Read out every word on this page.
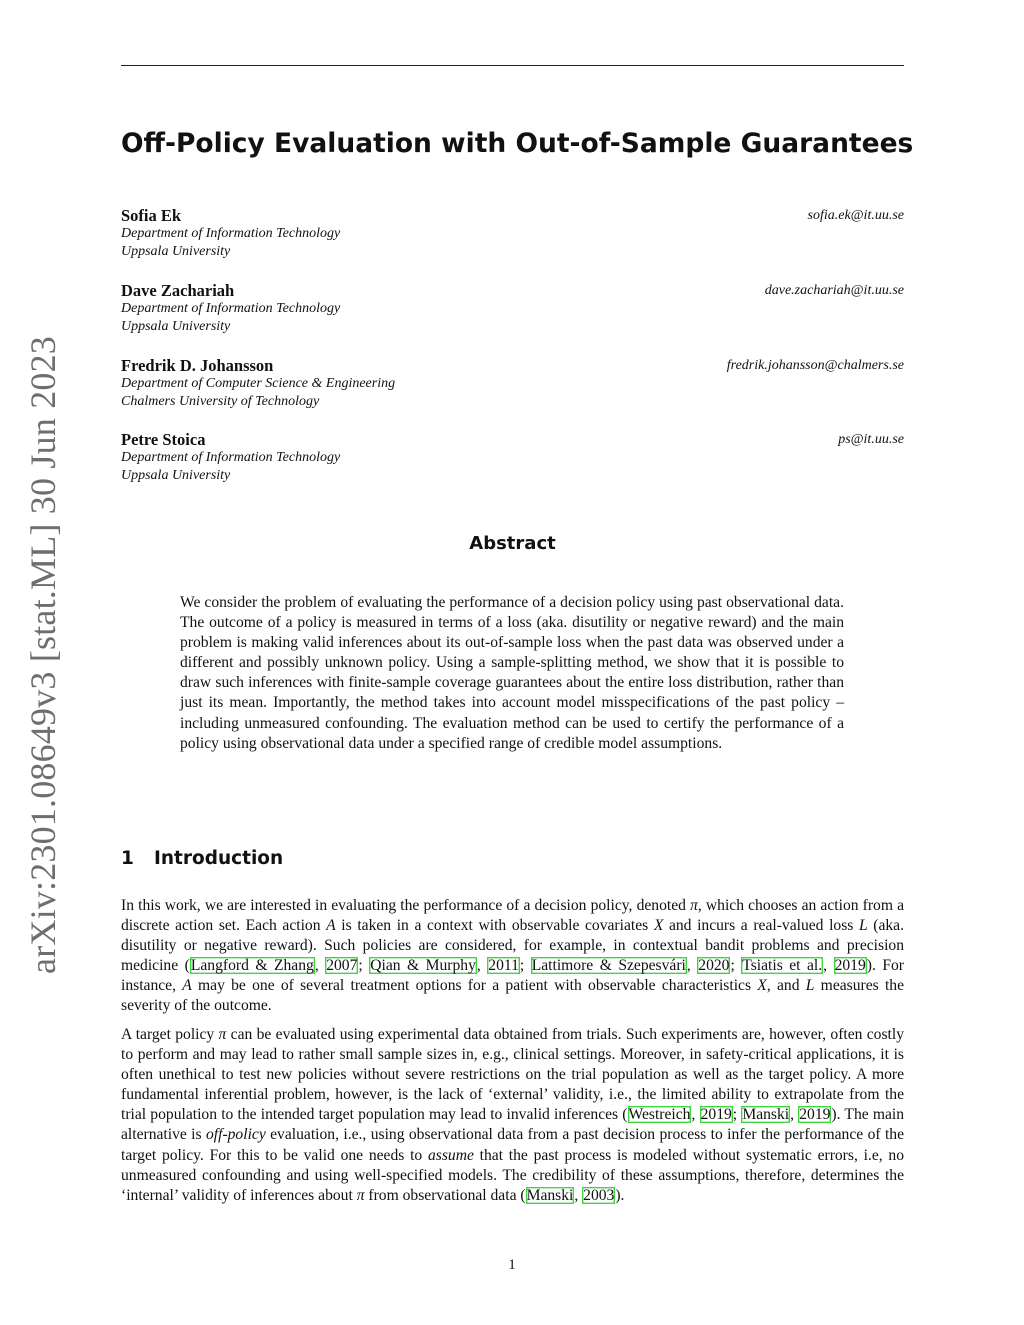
arXiv:2301.08649v3 [stat.ML] 30 Jun 2023
Off-Policy Evaluation with Out-of-Sample Guarantees
Sofia Ek	sofia.ek@it.uu.se
Department of Information Technology
Uppsala University
Dave Zachariah	dave.zachariah@it.uu.se
Department of Information Technology
Uppsala University
Fredrik D. Johansson	fredrik.johansson@chalmers.se
Department of Computer Science & Engineering
Chalmers University of Technology
Petre Stoica	ps@it.uu.se
Department of Information Technology
Uppsala University
Abstract

We consider the problem of evaluating the performance of a decision policy using past observational data. The outcome of a policy is measured in terms of a loss (aka. disutility or negative reward) and the main problem is making valid inferences about its out-of-sample loss when the past data was observed under a different and possibly unknown policy. Using a sample-splitting method, we show that it is possible to draw such inferences with finite-sample coverage guarantees about the entire loss distribution, rather than just its mean. Importantly, the method takes into account model misspecifications of the past policy – including unmeasured confounding. The evaluation method can be used to certify the performance of a policy using observational data under a specified range of credible model assumptions.

1 Introduction

In this work, we are interested in evaluating the performance of a decision policy, denoted π, which chooses an action from a discrete action set. Each action A is taken in a context with observable covariates X and incurs a real-valued loss L (aka. disutility or negative reward). Such policies are considered, for example, in contextual bandit problems and precision medicine (Langford & Zhang, 2007; Qian & Murphy, 2011; Lattimore & Szepesvári, 2020; Tsiatis et al., 2019). For instance, A may be one of several treatment options for a patient with observable characteristics X, and L measures the severity of the outcome.

A target policy π can be evaluated using experimental data obtained from trials. Such experiments are, however, often costly to perform and may lead to rather small sample sizes in, e.g., clinical settings. Moreover, in safety-critical applications, it is often unethical to test new policies without severe restrictions on the trial population as well as the target policy. A more fundamental inferential problem, however, is the lack of ‘external’ validity, i.e., the limited ability to extrapolate from the trial population to the intended target population may lead to invalid inferences (Westreich, 2019; Manski, 2019). The main alternative is off-policy evaluation, i.e., using observational data from a past decision process to infer the performance of the target policy. For this to be valid one needs to assume that the past process is modeled without systematic errors, i.e, no unmeasured confounding and using well-specified models. The credibility of these assumptions, therefore, determines the ‘internal’ validity of inferences about π from observational data (Manski, 2003).

1
